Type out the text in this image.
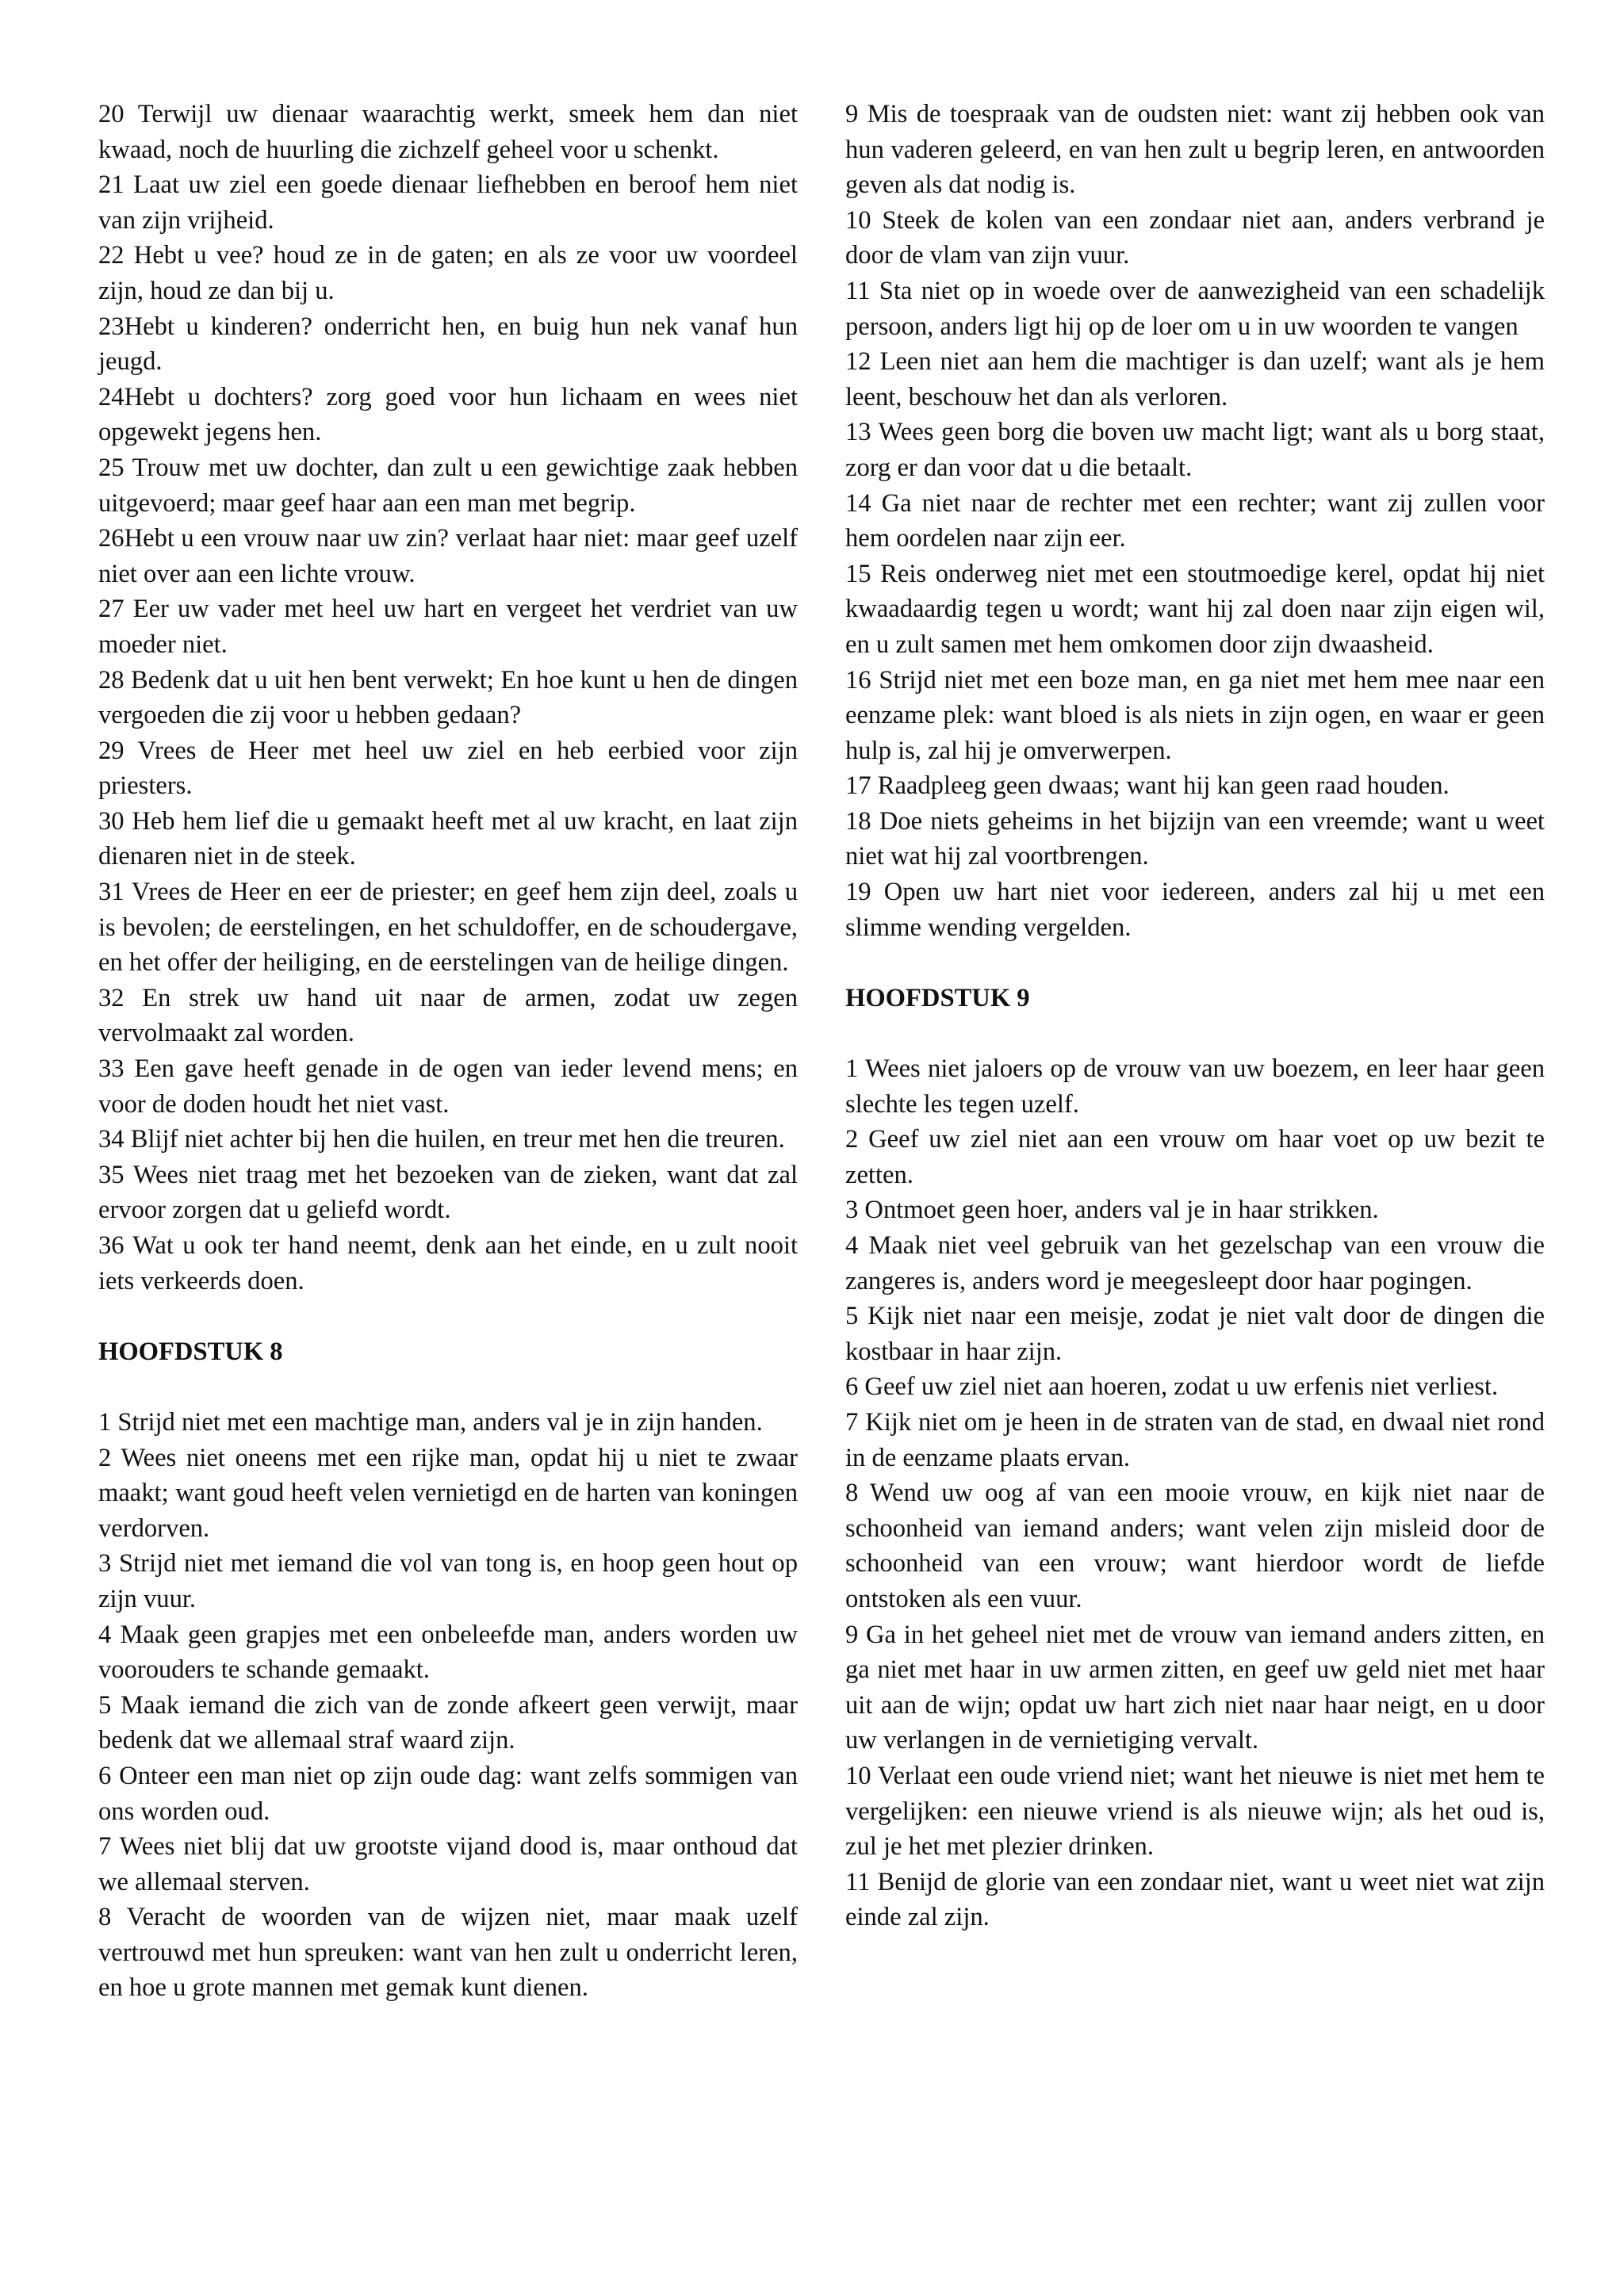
20 Terwijl uw dienaar waarachtig werkt, smeek hem dan niet kwaad, noch de huurling die zichzelf geheel voor u schenkt.

21 Laat uw ziel een goede dienaar liefhebben en beroof hem niet van zijn vrijheid.

22 Hebt u vee? houd ze in de gaten; en als ze voor uw voordeel zijn, houd ze dan bij u.

23Hebt u kinderen? onderricht hen, en buig hun nek vanaf hun jeugd.

24Hebt u dochters? zorg goed voor hun lichaam en wees niet opgewekt jegens hen.

25 Trouw met uw dochter, dan zult u een gewichtige zaak hebben uitgevoerd; maar geef haar aan een man met begrip.

26Hebt u een vrouw naar uw zin? verlaat haar niet: maar geef uzelf niet over aan een lichte vrouw.

27 Eer uw vader met heel uw hart en vergeet het verdriet van uw moeder niet.

28 Bedenk dat u uit hen bent verwekt; En hoe kunt u hen de dingen vergoeden die zij voor u hebben gedaan?

29 Vrees de Heer met heel uw ziel en heb eerbied voor zijn priesters.

30 Heb hem lief die u gemaakt heeft met al uw kracht, en laat zijn dienaren niet in de steek.

31 Vrees de Heer en eer de priester; en geef hem zijn deel, zoals u is bevolen; de eerstelingen, en het schuldoffer, en de schoudergave, en het offer der heiliging, en de eerstelingen van de heilige dingen.

32 En strek uw hand uit naar de armen, zodat uw zegen vervolmaakt zal worden.

33 Een gave heeft genade in de ogen van ieder levend mens; en voor de doden houdt het niet vast.

34 Blijf niet achter bij hen die huilen, en treur met hen die treuren.

35 Wees niet traag met het bezoeken van de zieken, want dat zal ervoor zorgen dat u geliefd wordt.

36 Wat u ook ter hand neemt, denk aan het einde, en u zult nooit iets verkeerds doen.

HOOFDSTUK 8

1 Strijd niet met een machtige man, anders val je in zijn handen.

2 Wees niet oneens met een rijke man, opdat hij u niet te zwaar maakt; want goud heeft velen vernietigd en de harten van koningen verdorven.

3 Strijd niet met iemand die vol van tong is, en hoop geen hout op zijn vuur.

4 Maak geen grapjes met een onbeleefde man, anders worden uw voorouders te schande gemaakt.

5 Maak iemand die zich van de zonde afkeert geen verwijt, maar bedenk dat we allemaal straf waard zijn.

6 Onteer een man niet op zijn oude dag: want zelfs sommigen van ons worden oud.

7 Wees niet blij dat uw grootste vijand dood is, maar onthoud dat we allemaal sterven.

8 Veracht de woorden van de wijzen niet, maar maak uzelf vertrouwd met hun spreuken: want van hen zult u onderricht leren, en hoe u grote mannen met gemak kunt dienen.

9 Mis de toespraak van de oudsten niet: want zij hebben ook van hun vaderen geleerd, en van hen zult u begrip leren, en antwoorden geven als dat nodig is.

10 Steek de kolen van een zondaar niet aan, anders verbrand je door de vlam van zijn vuur.

11 Sta niet op in woede over de aanwezigheid van een schadelijk persoon, anders ligt hij op de loer om u in uw woorden te vangen

12 Leen niet aan hem die machtiger is dan uzelf; want als je hem leent, beschouw het dan als verloren.

13 Wees geen borg die boven uw macht ligt; want als u borg staat, zorg er dan voor dat u die betaalt.

14 Ga niet naar de rechter met een rechter; want zij zullen voor hem oordelen naar zijn eer.

15 Reis onderweg niet met een stoutmoedige kerel, opdat hij niet kwaadaardig tegen u wordt; want hij zal doen naar zijn eigen wil, en u zult samen met hem omkomen door zijn dwaasheid.

16 Strijd niet met een boze man, en ga niet met hem mee naar een eenzame plek: want bloed is als niets in zijn ogen, en waar er geen hulp is, zal hij je omverwerpen.

17 Raadpleeg geen dwaas; want hij kan geen raad houden.

18 Doe niets geheims in het bijzijn van een vreemde; want u weet niet wat hij zal voortbrengen.

19 Open uw hart niet voor iedereen, anders zal hij u met een slimme wending vergelden.

HOOFDSTUK 9

1 Wees niet jaloers op de vrouw van uw boezem, en leer haar geen slechte les tegen uzelf.

2 Geef uw ziel niet aan een vrouw om haar voet op uw bezit te zetten.

3 Ontmoet geen hoer, anders val je in haar strikken.

4 Maak niet veel gebruik van het gezelschap van een vrouw die zangeres is, anders word je meegesleept door haar pogingen.

5 Kijk niet naar een meisje, zodat je niet valt door de dingen die kostbaar in haar zijn.

6 Geef uw ziel niet aan hoeren, zodat u uw erfenis niet verliest.

7 Kijk niet om je heen in de straten van de stad, en dwaal niet rond in de eenzame plaats ervan.

8 Wend uw oog af van een mooie vrouw, en kijk niet naar de schoonheid van iemand anders; want velen zijn misleid door de schoonheid van een vrouw; want hierdoor wordt de liefde ontstoken als een vuur.

9 Ga in het geheel niet met de vrouw van iemand anders zitten, en ga niet met haar in uw armen zitten, en geef uw geld niet met haar uit aan de wijn; opdat uw hart zich niet naar haar neigt, en u door uw verlangen in de vernietiging vervalt.

10 Verlaat een oude vriend niet; want het nieuwe is niet met hem te vergelijken: een nieuwe vriend is als nieuwe wijn; als het oud is, zul je het met plezier drinken.

11 Benijd de glorie van een zondaar niet, want u weet niet wat zijn einde zal zijn.
